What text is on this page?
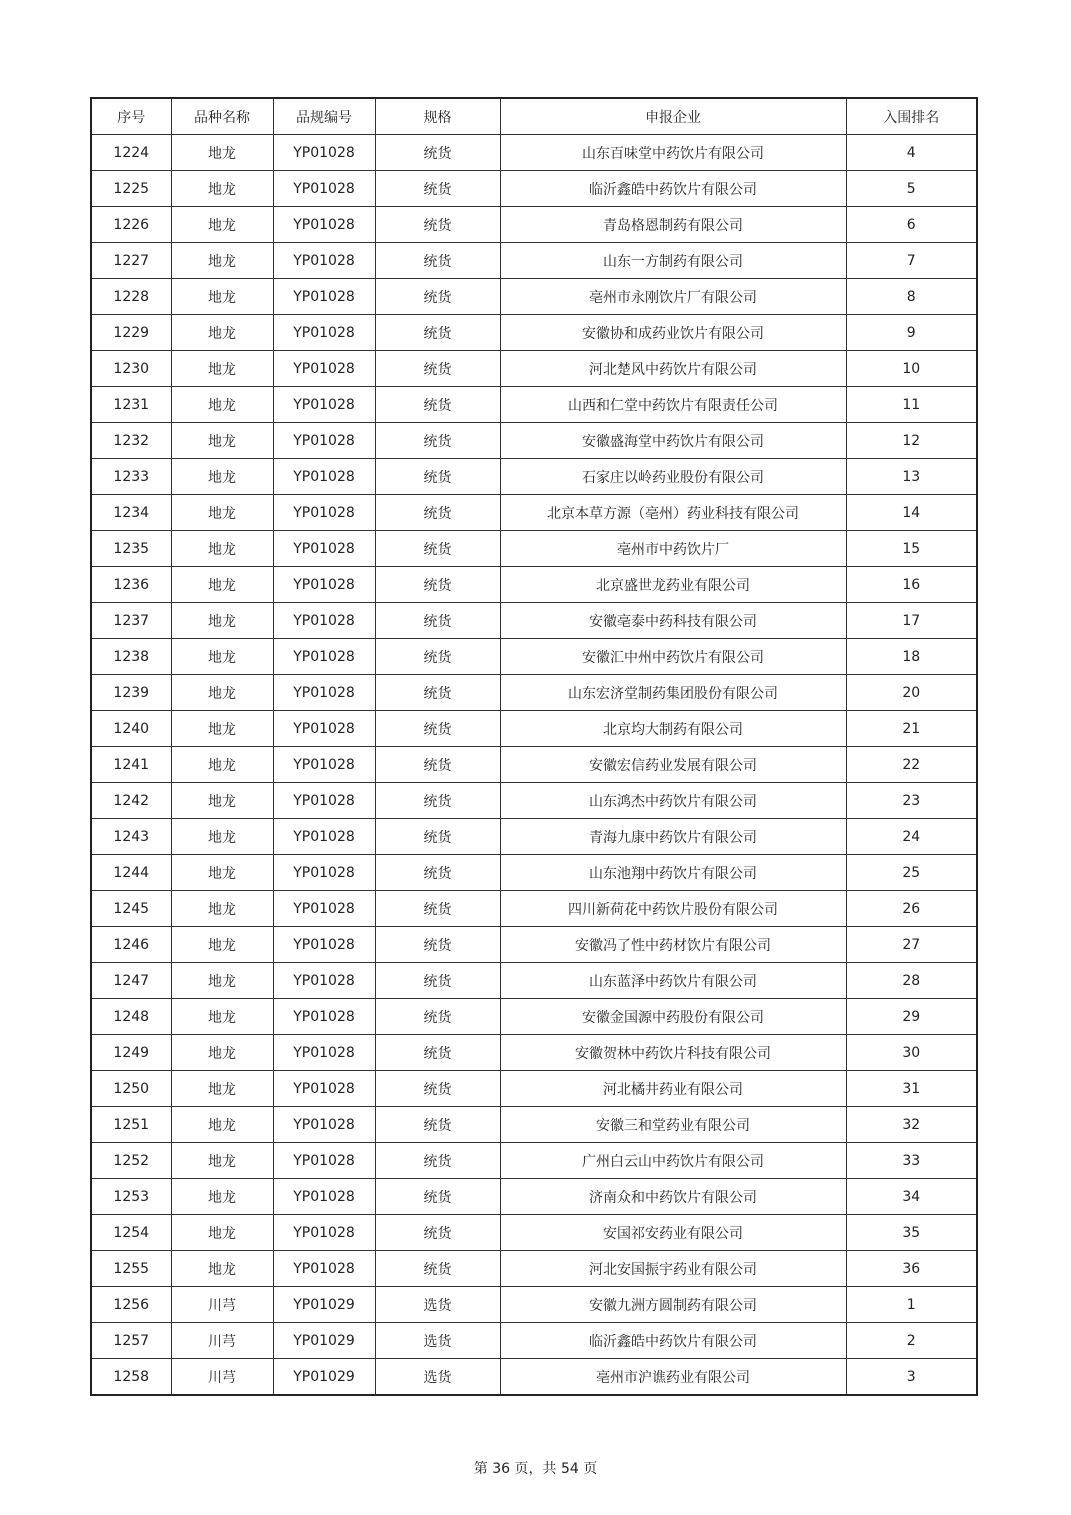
序号	品种名称	品规编号	规格	申报企业	入围排名
1224	地龙	YP01028	统货	山东百味堂中药饮片有限公司	4
1225	地龙	YP01028	统货	临沂鑫皓中药饮片有限公司	5
1226	地龙	YP01028	统货	青岛格恩制药有限公司	6
1227	地龙	YP01028	统货	山东一方制药有限公司	7
1228	地龙	YP01028	统货	亳州市永刚饮片厂有限公司	8
1229	地龙	YP01028	统货	安徽协和成药业饮片有限公司	9
1230	地龙	YP01028	统货	河北楚风中药饮片有限公司	10
1231	地龙	YP01028	统货	山西和仁堂中药饮片有限责任公司	11
1232	地龙	YP01028	统货	安徽盛海堂中药饮片有限公司	12
1233	地龙	YP01028	统货	石家庄以岭药业股份有限公司	13
1234	地龙	YP01028	统货	北京本草方源（亳州）药业科技有限公司	14
1235	地龙	YP01028	统货	亳州市中药饮片厂	15
1236	地龙	YP01028	统货	北京盛世龙药业有限公司	16
1237	地龙	YP01028	统货	安徽亳泰中药科技有限公司	17
1238	地龙	YP01028	统货	安徽汇中州中药饮片有限公司	18
1239	地龙	YP01028	统货	山东宏济堂制药集团股份有限公司	20
1240	地龙	YP01028	统货	北京均大制药有限公司	21
1241	地龙	YP01028	统货	安徽宏信药业发展有限公司	22
1242	地龙	YP01028	统货	山东鸿杰中药饮片有限公司	23
1243	地龙	YP01028	统货	青海九康中药饮片有限公司	24
1244	地龙	YP01028	统货	山东池翔中药饮片有限公司	25
1245	地龙	YP01028	统货	四川新荷花中药饮片股份有限公司	26
1246	地龙	YP01028	统货	安徽冯了性中药材饮片有限公司	27
1247	地龙	YP01028	统货	山东蓝泽中药饮片有限公司	28
1248	地龙	YP01028	统货	安徽金国源中药股份有限公司	29
1249	地龙	YP01028	统货	安徽贺林中药饮片科技有限公司	30
1250	地龙	YP01028	统货	河北橘井药业有限公司	31
1251	地龙	YP01028	统货	安徽三和堂药业有限公司	32
1252	地龙	YP01028	统货	广州白云山中药饮片有限公司	33
1253	地龙	YP01028	统货	济南众和中药饮片有限公司	34
1254	地龙	YP01028	统货	安国祁安药业有限公司	35
1255	地龙	YP01028	统货	河北安国振宇药业有限公司	36
1256	川芎	YP01029	选货	安徽九洲方圆制药有限公司	1
1257	川芎	YP01029	选货	临沂鑫皓中药饮片有限公司	2
1258	川芎	YP01029	选货	亳州市沪谯药业有限公司	3
第 36 页，共 54 页
